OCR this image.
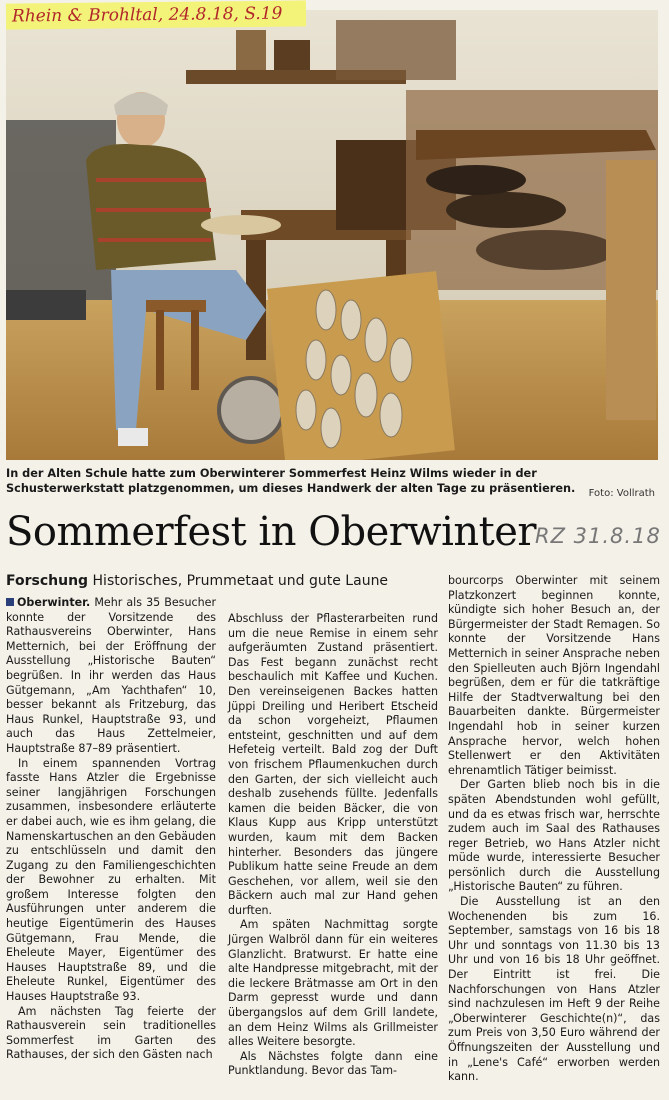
Rhein & Brohltal, 24.8.18, S.19
In der Alten Schule hatte zum Oberwinterer Sommerfest Heinz Wilms wieder in der Schusterwerkstatt platzgenommen, um dieses Handwerk der alten Tage zu präsentieren.	Foto: Vollrath
Sommerfest in Oberwinter
RZ 31.8.18
Forschung Historisches, Prummetaat und gute Laune

Oberwinter. Mehr als 35 Besucher konnte der Vorsitzende des Rathausvereins Oberwinter, Hans Metternich, bei der Eröffnung der Ausstellung „Historische Bauten“ begrüßen. In ihr werden das Haus Gütgemann, „Am Yachthafen“ 10, besser bekannt als Fritzeburg, das Haus Runkel, Hauptstraße 93, und auch das Haus Zettelmeier, Hauptstraße 87–89 präsentiert.

In einem spannenden Vortrag fasste Hans Atzler die Ergebnisse seiner langjährigen Forschungen zusammen, insbesondere erläuterte er dabei auch, wie es ihm gelang, die Namenskartuschen an den Gebäuden zu entschlüsseln und damit den Zugang zu den Familiengeschichten der Bewohner zu erhalten. Mit großem Interesse folgten den Ausführungen unter anderem die heutige Eigentümerin des Hauses Gütgemann, Frau Mende, die Eheleute Mayer, Eigentümer des Hauses Hauptstraße 89, und die Eheleute Runkel, Eigentümer des Hauses Hauptstraße 93.

Am nächsten Tag feierte der Rathausverein sein traditionelles Sommerfest im Garten des Rathauses, der sich den Gästen nach

Abschluss der Pflasterarbeiten rund um die neue Remise in einem sehr aufgeräumten Zustand präsentiert. Das Fest begann zunächst recht beschaulich mit Kaffee und Kuchen. Den vereinseigenen Backes hatten Jüppi Dreiling und Heribert Etscheid da schon vorgeheizt, Pflaumen entsteint, geschnitten und auf dem Hefeteig verteilt. Bald zog der Duft von frischem Pflaumenkuchen durch den Garten, der sich vielleicht auch deshalb zusehends füllte. Jedenfalls kamen die beiden Bäcker, die von Klaus Kupp aus Kripp unterstützt wurden, kaum mit dem Backen hinterher. Besonders das jüngere Publikum hatte seine Freude an dem Geschehen, vor allem, weil sie den Bäckern auch mal zur Hand gehen durften.

Am späten Nachmittag sorgte Jürgen Walbröl dann für ein weiteres Glanzlicht. Bratwurst. Er hatte eine alte Handpresse mitgebracht, mit der die leckere Brätmasse am Ort in den Darm gepresst wurde und dann übergangslos auf dem Grill landete, an dem Heinz Wilms als Grillmeister alles Weitere besorgte.

Als Nächstes folgte dann eine Punktlandung. Bevor das Tam-

bourcorps Oberwinter mit seinem Platzkonzert beginnen konnte, kündigte sich hoher Besuch an, der Bürgermeister der Stadt Remagen. So konnte der Vorsitzende Hans Metternich in seiner Ansprache neben den Spielleuten auch Björn Ingendahl begrüßen, dem er für die tatkräftige Hilfe der Stadtverwaltung bei den Bauarbeiten dankte. Bürgermeister Ingendahl hob in seiner kurzen Ansprache hervor, welch hohen Stellenwert er den Aktivitäten ehrenamtlich Tätiger beimisst.

Der Garten blieb noch bis in die späten Abendstunden wohl gefüllt, und da es etwas frisch war, herrschte zudem auch im Saal des Rathauses reger Betrieb, wo Hans Atzler nicht müde wurde, interessierte Besucher persönlich durch die Ausstellung „Historische Bauten“ zu führen.

Die Ausstellung ist an den Wochenenden bis zum 16. September, samstags von 16 bis 18 Uhr und sonntags von 11.30 bis 13 Uhr und von 16 bis 18 Uhr geöffnet. Der Eintritt ist frei. Die Nachforschungen von Hans Atzler sind nachzulesen im Heft 9 der Reihe „Oberwinterer Geschichte(n)“, das zum Preis von 3,50 Euro während der Öffnungszeiten der Ausstellung und in „Lene's Café“ erworben werden kann.
